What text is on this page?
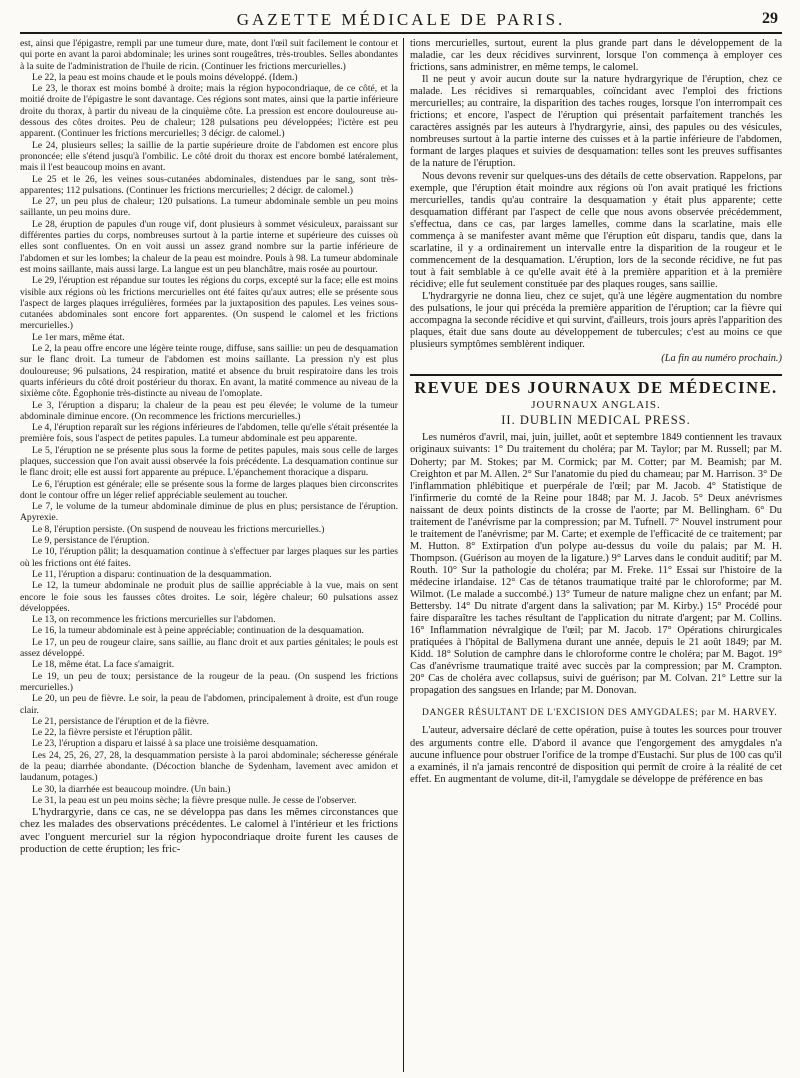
GAZETTE MÉDICALE DE PARIS.	29

est, ainsi que l'épigastre, rempli par une tumeur dure, mate, dont l'œil suit facilement le contour et qui porte en avant la paroi abdominale; les urines sont rougeâtres, très-troubles. Selles abondantes à la suite de l'administration de l'huile de ricin. (Continuer les frictions mercurielles.)

Le 22, la peau est moins chaude et le pouls moins développé. (Idem.)

Le 23, le thorax est moins bombé à droite; mais la région hypocondriaque, de ce côté, et la moitié droite de l'épigastre le sont davantage. Ces régions sont mates, ainsi que la partie inférieure droite du thorax, à partir du niveau de la cinquième côte. La pression est encore douloureuse au-dessous des côtes droites. Peu de chaleur; 128 pulsations peu développées; l'ictère est peu apparent. (Continuer les frictions mercurielles; 3 décigr. de calomel.)

Le 24, plusieurs selles; la saillie de la partie supérieure droite de l'abdomen est encore plus prononcée; elle s'étend jusqu'à l'ombilic. Le côté droit du thorax est encore bombé latéralement, mais il l'est beaucoup moins en avant.

Le 25 et le 26, les veines sous-cutanées abdominales, distendues par le sang, sont très-apparentes; 112 pulsations. (Continuer les frictions mercurielles; 2 décigr. de calomel.)

Le 27, un peu plus de chaleur; 120 pulsations. La tumeur abdominale semble un peu moins saillante, un peu moins dure.

Le 28, éruption de papules d'un rouge vif, dont plusieurs à sommet vésiculeux, paraissant sur différentes parties du corps, nombreuses surtout à la partie interne et supérieure des cuisses où elles sont confluentes. On en voit aussi un assez grand nombre sur la partie inférieure de l'abdomen et sur les lombes; la chaleur de la peau est moindre. Pouls à 98. La tumeur abdominale est moins saillante, mais aussi large. La langue est un peu blanchâtre, mais rosée au pourtour.

Le 29, l'éruption est répandue sur toutes les régions du corps, excepté sur la face; elle est moins visible aux régions où les frictions mercurielles ont été faites qu'aux autres; elle se présente sous l'aspect de larges plaques irrégulières, formées par la juxtaposition des papules. Les veines sous-cutanées abdominales sont encore fort apparentes. (On suspend le calomel et les frictions mercurielles.)

Le 1er mars, même état.

Le 2, la peau offre encore une légère teinte rouge, diffuse, sans saillie: un peu de desquamation sur le flanc droit. La tumeur de l'abdomen est moins saillante. La pression n'y est plus douloureuse; 96 pulsations, 24 respiration, matité et absence du bruit respiratoire dans les trois quarts inférieurs du côté droit postérieur du thorax. En avant, la matité commence au niveau de la sixième côte. Égophonie très-distincte au niveau de l'omoplate.

Le 3, l'éruption a disparu; la chaleur de la peau est peu élevée; le volume de la tumeur abdominale diminue encore. (On recommence les frictions mercurielles.)

Le 4, l'éruption reparaît sur les régions inférieures de l'abdomen, telle qu'elle s'était présentée la première fois, sous l'aspect de petites papules. La tumeur abdominale est peu apparente.

Le 5, l'éruption ne se présente plus sous la forme de petites papules, mais sous celle de larges plaques, succession que l'on avait aussi observée la fois précédente. La desquamation continue sur le flanc droit; elle est aussi fort apparente au prépuce. L'épanchement thoracique a disparu.

Le 6, l'éruption est générale; elle se présente sous la forme de larges plaques bien circonscrites dont le contour offre un léger relief appréciable seulement au toucher.

Le 7, le volume de la tumeur abdominale diminue de plus en plus; persistance de l'éruption. Apyrexie.

Le 8, l'éruption persiste. (On suspend de nouveau les frictions mercurielles.)

Le 9, persistance de l'éruption.

Le 10, l'éruption pâlit; la desquamation continue à s'effectuer par larges plaques sur les parties où les frictions ont été faites.

Le 11, l'éruption a disparu: continuation de la desquammation.

Le 12, la tumeur abdominale ne produit plus de saillie appréciable à la vue, mais on sent encore le foie sous les fausses côtes droites. Le soir, légère chaleur; 60 pulsations assez développées.

Le 13, on recommence les frictions mercurielles sur l'abdomen.

Le 16, la tumeur abdominale est à peine appréciable; continuation de la desquamation.

Le 17, un peu de rougeur claire, sans saillie, au flanc droit et aux parties génitales; le pouls est assez développé.

Le 18, même état. La face s'amaigrit.

Le 19, un peu de toux; persistance de la rougeur de la peau. (On suspend les frictions mercurielles.)

Le 20, un peu de fièvre. Le soir, la peau de l'abdomen, principalement à droite, est d'un rouge clair.

Le 21, persistance de l'éruption et de la fièvre.

Le 22, la fièvre persiste et l'éruption pâlit.

Le 23, l'éruption a disparu et laissé à sa place une troisième desquamation.

Les 24, 25, 26, 27, 28, la desquammation persiste à la paroi abdominale; sécheresse générale de la peau; diarrhée abondante. (Décoction blanche de Sydenham, lavement avec amidon et laudanum, potages.)

Le 30, la diarrhée est beaucoup moindre. (Un bain.)

Le 31, la peau est un peu moins sèche; la fièvre presque nulle. Je cesse de l'observer.

L'hydrargyrie, dans ce cas, ne se développa pas dans les mêmes circonstances que chez les malades des observations précédentes. Le calomel à l'intérieur et les frictions avec l'onguent mercuriel sur la région hypocondriaque droite furent les causes de production de cette éruption; les fric-

tions mercurielles, surtout, eurent la plus grande part dans le développement de la maladie, car les deux récidives survinrent, lorsque l'on commença à employer ces frictions, sans administrer, en même temps, le calomel.

Il ne peut y avoir aucun doute sur la nature hydrargyrique de l'éruption, chez ce malade. Les récidives si remarquables, coïncidant avec l'emploi des frictions mercurielles; au contraire, la disparition des taches rouges, lorsque l'on interrompait ces frictions; et encore, l'aspect de l'éruption qui présentait parfaitement tranchés les caractères assignés par les auteurs à l'hydrargyrie, ainsi, des papules ou des vésicules, nombreuses surtout à la partie interne des cuisses et à la partie inférieure de l'abdomen, formant de larges plaques et suivies de desquamation: telles sont les preuves suffisantes de la nature de l'éruption.

Nous devons revenir sur quelques-uns des détails de cette observation. Rappelons, par exemple, que l'éruption était moindre aux régions où l'on avait pratiqué les frictions mercurielles, tandis qu'au contraire la desquamation y était plus apparente; cette desquamation différant par l'aspect de celle que nous avons observée précédemment, s'effectua, dans ce cas, par larges lamelles, comme dans la scarlatine, mais elle commença à se manifester avant même que l'éruption eût disparu, tandis que, dans la scarlatine, il y a ordinairement un intervalle entre la disparition de la rougeur et le commencement de la desquamation. L'éruption, lors de la seconde récidive, ne fut pas tout à fait semblable à ce qu'elle avait été à la première apparition et à la première récidive; elle fut seulement constituée par des plaques rouges, sans saillie.

L'hydrargyrie ne donna lieu, chez ce sujet, qu'à une légère augmentation du nombre des pulsations, le jour qui précéda la première apparition de l'éruption; car la fièvre qui accompagna la seconde récidive et qui survint, d'ailleurs, trois jours après l'apparition des plaques, était due sans doute au développement de tubercules; c'est au moins ce que plusieurs symptômes semblèrent indiquer.

(La fin au numéro prochain.)

REVUE DES JOURNAUX DE MÉDECINE.

JOURNAUX ANGLAIS.

II. DUBLIN MEDICAL PRESS.

Les numéros d'avril, mai, juin, juillet, août et septembre 1849 contiennent les travaux originaux suivants: 1° Du traitement du choléra; par M. Taylor; par M. Russell; par M. Doherty; par M. Stokes; par M. Cormick; par M. Cotter; par M. Beamish; par M. Creighton et par M. Allen. 2° Sur l'anatomie du pied du chameau; par M. Harrison. 3° De l'inflammation phlébitique et puerpérale de l'œil; par M. Jacob. 4° Statistique de l'infirmerie du comté de la Reine pour 1848; par M. J. Jacob. 5° Deux anévrismes naissant de deux points distincts de la crosse de l'aorte; par M. Bellingham. 6° Du traitement de l'anévrisme par la compression; par M. Tufnell. 7° Nouvel instrument pour le traitement de l'anévrisme; par M. Carte; et exemple de l'efficacité de ce traitement; par M. Hutton. 8° Extirpation d'un polype au-dessus du voile du palais; par M. H. Thompson. (Guérison au moyen de la ligature.) 9° Larves dans le conduit auditif; par M. Routh. 10° Sur la pathologie du choléra; par M. Freke. 11° Essai sur l'histoire de la médecine irlandaise. 12° Cas de tétanos traumatique traité par le chloroforme; par M. Wilmot. (Le malade a succombé.) 13° Tumeur de nature maligne chez un enfant; par M. Bettersby. 14° Du nitrate d'argent dans la salivation; par M. Kirby.) 15° Procédé pour faire disparaître les taches résultant de l'application du nitrate d'argent; par M. Collins. 16° Inflammation névralgique de l'œil; par M. Jacob. 17° Opérations chirurgicales pratiquées à l'hôpital de Ballymena durant une année, depuis le 21 août 1849; par M. Kidd. 18° Solution de camphre dans le chloroforme contre le choléra; par M. Bagot. 19° Cas d'anévrisme traumatique traité avec succès par la compression; par M. Crampton. 20° Cas de choléra avec collapsus, suivi de guérison; par M. Colvan. 21° Lettre sur la propagation des sangsues en Irlande; par M. Donovan.

DANGER RÉSULTANT DE L'EXCISION DES AMYGDALES; par M. HARVEY.

L'auteur, adversaire déclaré de cette opération, puise à toutes les sources pour trouver des arguments contre elle. D'abord il avance que l'engorgement des amygdales n'a aucune influence pour obstruer l'orifice de la trompe d'Eustachi. Sur plus de 100 cas qu'il a examinés, il n'a jamais rencontré de disposition qui permît de croire à la réalité de cet effet. En augmentant de volume, dit-il, l'amygdale se développe de préférence en bas
